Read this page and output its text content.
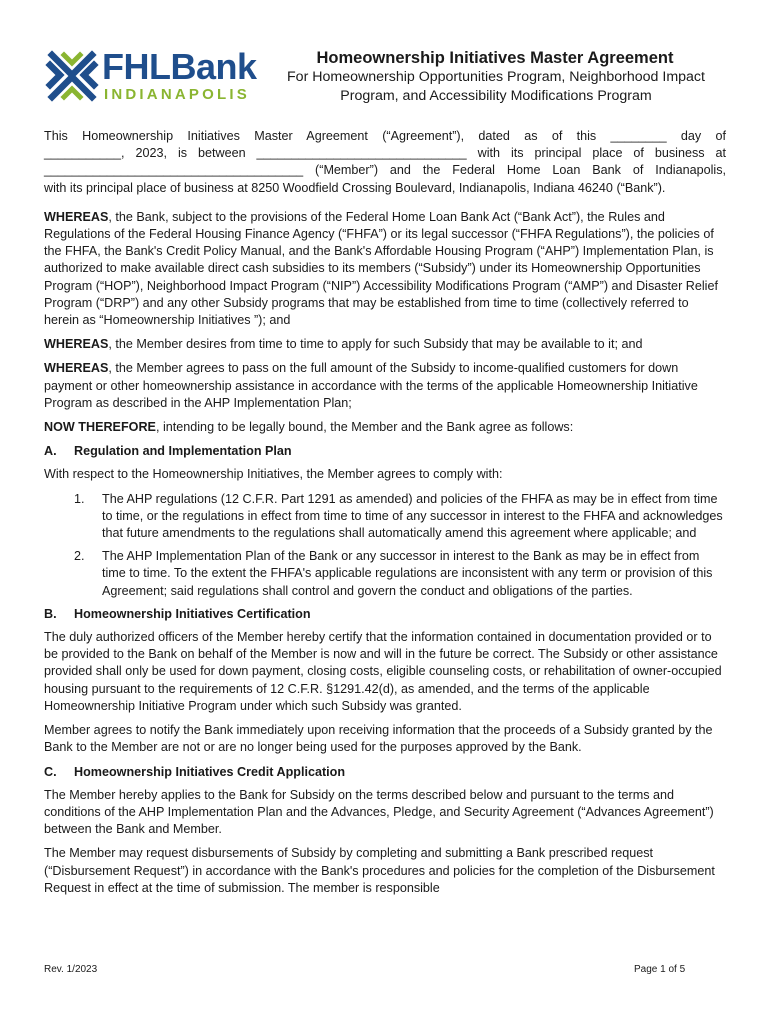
FHLBank
INDIANAPOLIS
Homeownership Initiatives Master Agreement
For Homeownership Opportunities Program, Neighborhood Impact Program, and Accessibility Modifications Program

This Homeownership Initiatives Master Agreement (“Agreement”), dated as of this ________ day of
___________, 2023, is between ______________________________ with its principal place of business at
_____________________________________ (“Member”) and the Federal Home Loan Bank of Indianapolis,
with its principal place of business at 8250 Woodfield Crossing Boulevard, Indianapolis, Indiana 46240 (“Bank”).

WHEREAS, the Bank, subject to the provisions of the Federal Home Loan Bank Act (“Bank Act”), the Rules and Regulations of the Federal Housing Finance Agency (“FHFA”) or its legal successor (“FHFA Regulations”), the policies of the FHFA, the Bank's Credit Policy Manual, and the Bank's Affordable Housing Program (“AHP”) Implementation Plan, is authorized to make available direct cash subsidies to its members (“Subsidy”) under its Homeownership Opportunities Program (“HOP”), Neighborhood Impact Program (“NIP”) Accessibility Modifications Program (“AMP”) and Disaster Relief Program (“DRP”) and any other Subsidy programs that may be established from time to time (collectively referred to herein as “Homeownership Initiatives ”); and

WHEREAS, the Member desires from time to time to apply for such Subsidy that may be available to it; and

WHEREAS, the Member agrees to pass on the full amount of the Subsidy to income-qualified customers for down payment or other homeownership assistance in accordance with the terms of the applicable Homeownership Initiative Program as described in the AHP Implementation Plan;

NOW THEREFORE, intending to be legally bound, the Member and the Bank agree as follows:

A.	Regulation and Implementation Plan

With respect to the Homeownership Initiatives, the Member agrees to comply with:

1.	The AHP regulations (12 C.F.R. Part 1291 as amended) and policies of the FHFA as may be in effect from time to time, or the regulations in effect from time to time of any successor in interest to the FHFA and acknowledges that future amendments to the regulations shall automatically amend this agreement where applicable; and
2.	The AHP Implementation Plan of the Bank or any successor in interest to the Bank as may be in effect from time to time. To the extent the FHFA's applicable regulations are inconsistent with any term or provision of this Agreement; said regulations shall control and govern the conduct and obligations of the parties.
B.	Homeownership Initiatives Certification

The duly authorized officers of the Member hereby certify that the information contained in documentation provided or to be provided to the Bank on behalf of the Member is now and will in the future be correct. The Subsidy or other assistance provided shall only be used for down payment, closing costs, eligible counseling costs, or rehabilitation of owner-occupied housing pursuant to the requirements of 12 C.F.R. §1291.42(d), as amended, and the terms of the applicable Homeownership Initiative Program under which such Subsidy was granted.

Member agrees to notify the Bank immediately upon receiving information that the proceeds of a Subsidy granted by the Bank to the Member are not or are no longer being used for the purposes approved by the Bank.

C.	Homeownership Initiatives Credit Application

The Member hereby applies to the Bank for Subsidy on the terms described below and pursuant to the terms and conditions of the AHP Implementation Plan and the Advances, Pledge, and Security Agreement (“Advances Agreement”) between the Bank and Member.

The Member may request disbursements of Subsidy by completing and submitting a Bank prescribed request (“Disbursement Request”) in accordance with the Bank's procedures and policies for the completion of the Disbursement Request in effect at the time of submission. The member is responsible

Rev. 1/2023	Page 1 of 5
